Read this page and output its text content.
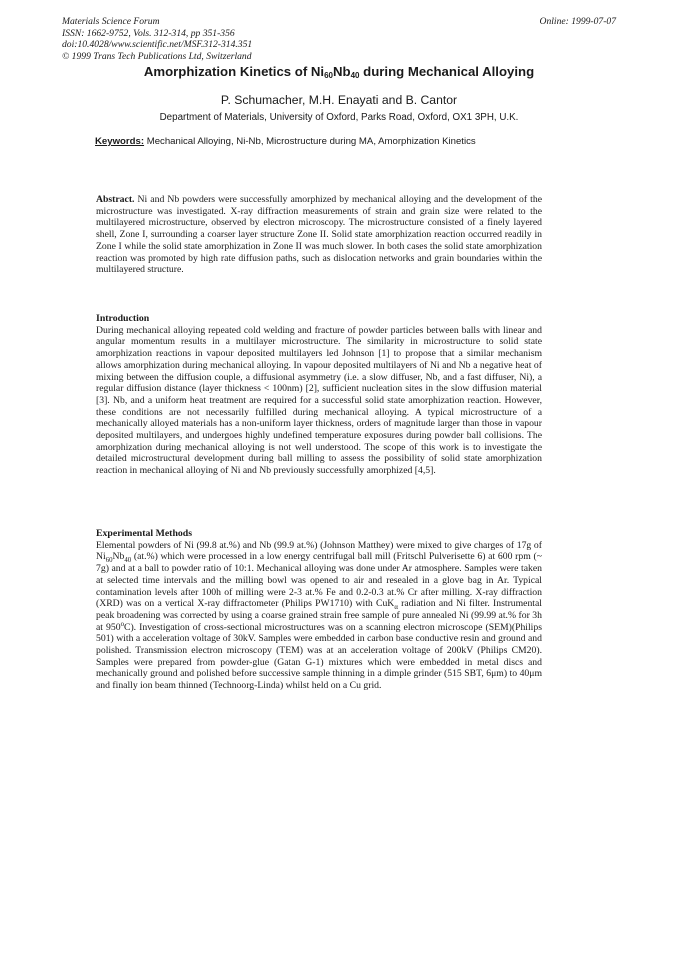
Materials Science Forum
ISSN: 1662-9752, Vols. 312-314, pp 351-356
doi:10.4028/www.scientific.net/MSF.312-314.351
© 1999 Trans Tech Publications Ltd, Switzerland
Online: 1999-07-07
Amorphization Kinetics of $Ni_{60}Nb_{40}$ during Mechanical Alloying
P. Schumacher, M.H. Enayati and B. Cantor
Department of Materials, University of Oxford, Parks Road, Oxford, OX1 3PH, U.K.
Keywords: Mechanical Alloying, Ni-Nb, Microstructure during MA, Amorphization Kinetics

Abstract. Ni and Nb powders were successfully amorphized by mechanical alloying and the development of the microstructure was investigated. X-ray diffraction measurements of strain and grain size were related to the multilayered microstructure, observed by electron microscopy. The microstructure consisted of a finely layered shell, Zone I, surrounding a coarser layer structure Zone II. Solid state amorphization reaction occurred readily in Zone I while the solid state amorphization in Zone II was much slower. In both cases the solid state amorphization reaction was promoted by high rate diffusion paths, such as dislocation networks and grain boundaries within the multilayered structure.

Introduction

During mechanical alloying repeated cold welding and fracture of powder particles between balls with linear and angular momentum results in a multilayer microstructure. The similarity in microstructure to solid state amorphization reactions in vapour deposited multilayers led Johnson [1] to propose that a similar mechanism allows amorphization during mechanical alloying. In vapour deposited multilayers of Ni and Nb a negative heat of mixing between the diffusion couple, a diffusional asymmetry (i.e. a slow diffuser, Nb, and a fast diffuser, Ni), a regular diffusion distance (layer thickness < 100nm) [2], sufficient nucleation sites in the slow diffusion material [3]. Nb, and a uniform heat treatment are required for a successful solid state amorphization reaction. However, these conditions are not necessarily fulfilled during mechanical alloying. A typical microstructure of a mechanically alloyed materials has a non-uniform layer thickness, orders of magnitude larger than those in vapour deposited multilayers, and undergoes highly undefined temperature exposures during powder ball collisions. The amorphization during mechanical alloying is not well understood. The scope of this work is to investigate the detailed microstructural development during ball milling to assess the possibility of solid state amorphization reaction in mechanical alloying of Ni and Nb previously successfully amorphized [4,5].

Experimental Methods

Elemental powders of Ni (99.8 at.%) and Nb (99.9 at.%) (Johnson Matthey) were mixed to give charges of 17g of $Ni_{60}Nb_{40}$ (at.%) which were processed in a low energy centrifugal ball mill (Fritschl Pulverisette 6) at 600 rpm (~ 7g) and at a ball to powder ratio of 10:1. Mechanical alloying was done under Ar atmosphere. Samples were taken at selected time intervals and the milling bowl was opened to air and resealed in a glove bag in Ar. Typical contamination levels after 100h of milling were 2-3 at.% Fe and 0.2-0.3 at.% Cr after milling. X-ray diffraction (XRD) was on a vertical X-ray diffractometer (Philips PW1710) with CuK$_\alpha$ radiation and Ni filter. Instrumental peak broadening was corrected by using a coarse grained strain free sample of pure annealed Ni (99.99 at.% for 3h at 950$^o$C). Investigation of cross-sectional microstructures was on a scanning electron microscope (SEM)(Philips 501) with a acceleration voltage of 30kV. Samples were embedded in carbon base conductive resin and ground and polished. Transmission electron microscopy (TEM) was at an acceleration voltage of 200kV (Philips CM20). Samples were prepared from powder-glue (Gatan G-1) mixtures which were embedded in metal discs and mechanically ground and polished before successive sample thinning in a dimple grinder (515 SBT, 6μm) to 40μm and finally ion beam thinned (Technoorg-Linda) whilst held on a Cu grid.
